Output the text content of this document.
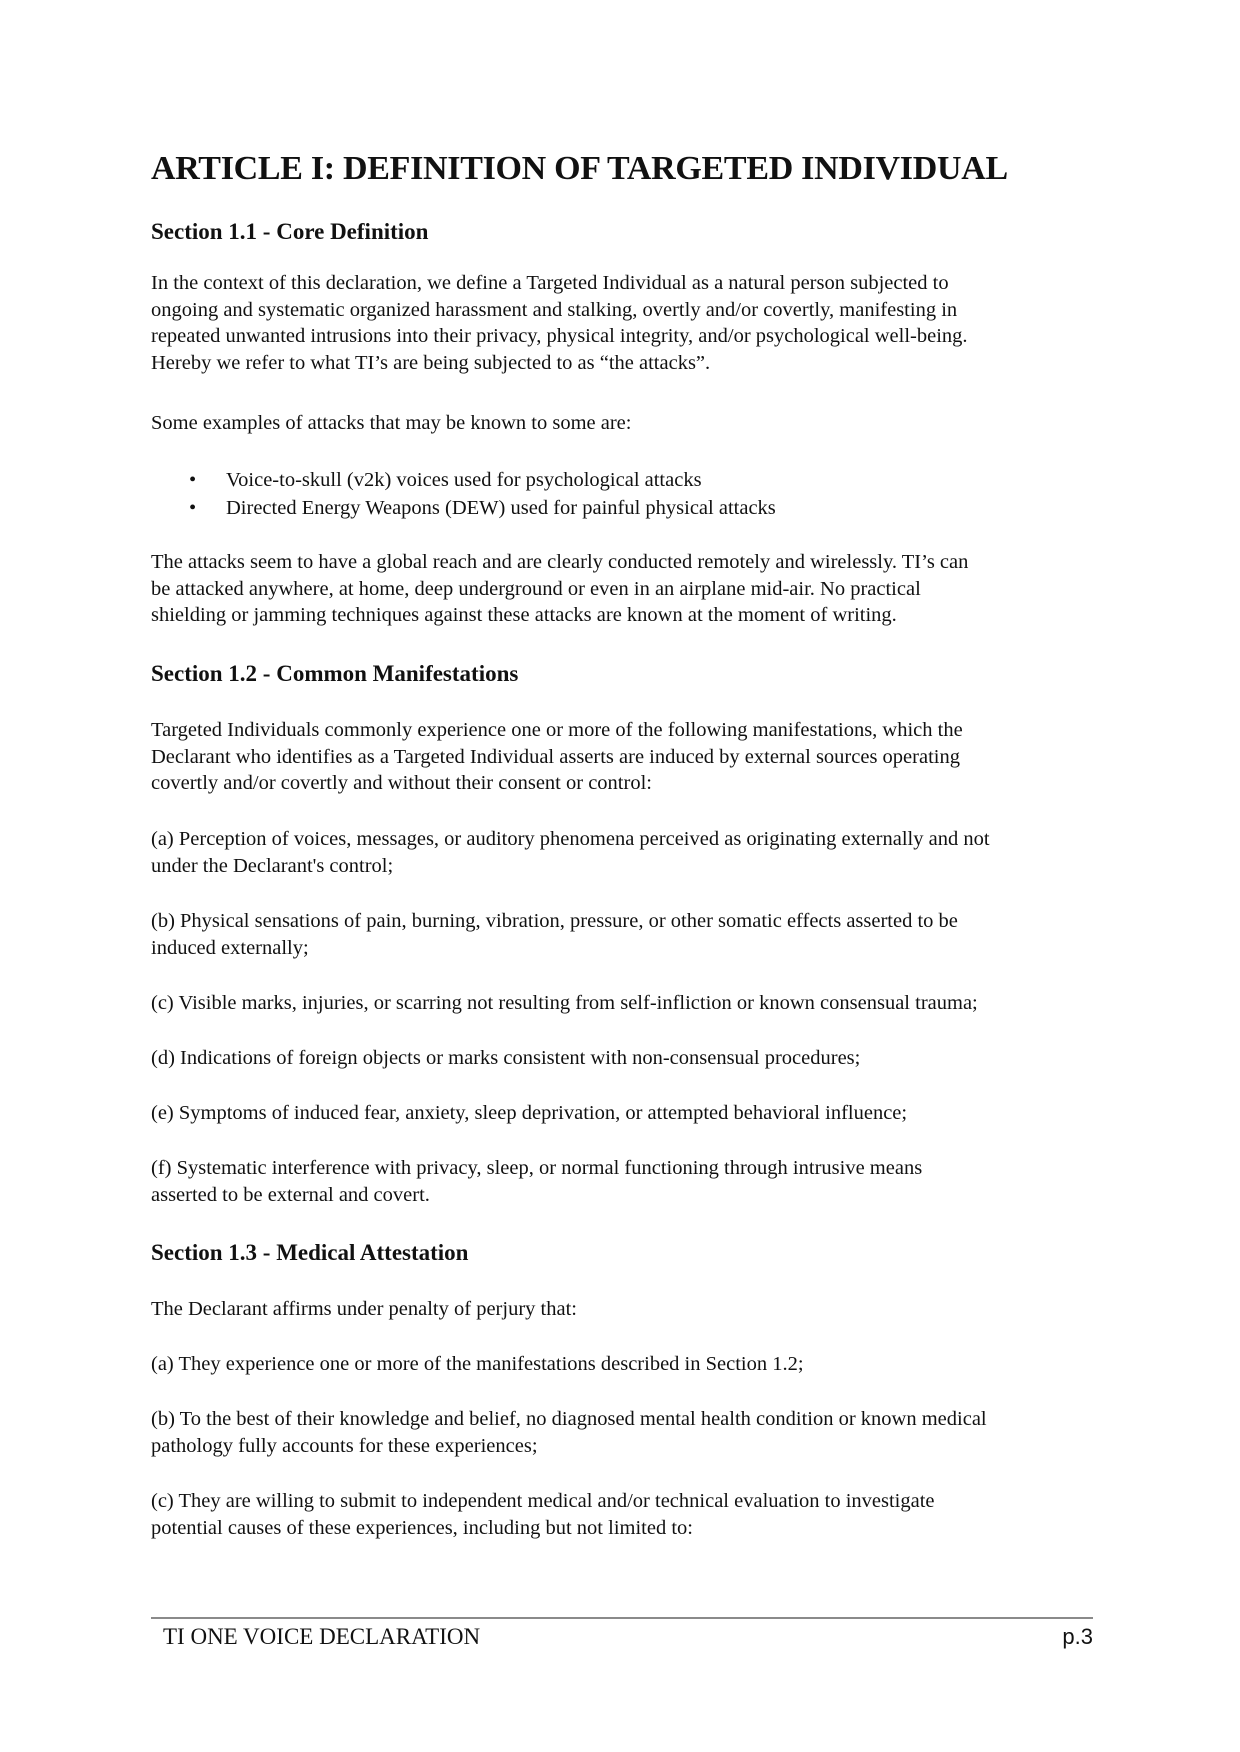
ARTICLE I: DEFINITION OF TARGETED INDIVIDUAL
Section 1.1 - Core Definition

In the context of this declaration, we define a Targeted Individual as a natural person subjected to
ongoing and systematic organized harassment and stalking, overtly and/or covertly, manifesting in
repeated unwanted intrusions into their privacy, physical integrity, and/or psychological well-being.
Hereby we refer to what TI’s are being subjected to as “the attacks”.

Some examples of attacks that may be known to some are:

• Voice-to-skull (v2k) voices used for psychological attacks
• Directed Energy Weapons (DEW) used for painful physical attacks

The attacks seem to have a global reach and are clearly conducted remotely and wirelessly. TI’s can
be attacked anywhere, at home, deep underground or even in an airplane mid-air. No practical
shielding or jamming techniques against these attacks are known at the moment of writing.

Section 1.2 - Common Manifestations

Targeted Individuals commonly experience one or more of the following manifestations, which the
Declarant who identifies as a Targeted Individual asserts are induced by external sources operating
covertly and/or covertly and without their consent or control:

(a) Perception of voices, messages, or auditory phenomena perceived as originating externally and not
under the Declarant's control;

(b) Physical sensations of pain, burning, vibration, pressure, or other somatic effects asserted to be
induced externally;

(c) Visible marks, injuries, or scarring not resulting from self-infliction or known consensual trauma;

(d) Indications of foreign objects or marks consistent with non-consensual procedures;

(e) Symptoms of induced fear, anxiety, sleep deprivation, or attempted behavioral influence;

(f) Systematic interference with privacy, sleep, or normal functioning through intrusive means
asserted to be external and covert.

Section 1.3 - Medical Attestation

The Declarant affirms under penalty of perjury that:

(a) They experience one or more of the manifestations described in Section 1.2;

(b) To the best of their knowledge and belief, no diagnosed mental health condition or known medical
pathology fully accounts for these experiences;

(c) They are willing to submit to independent medical and/or technical evaluation to investigate
potential causes of these experiences, including but not limited to:

TI ONE VOICE DECLARATION	p.3
